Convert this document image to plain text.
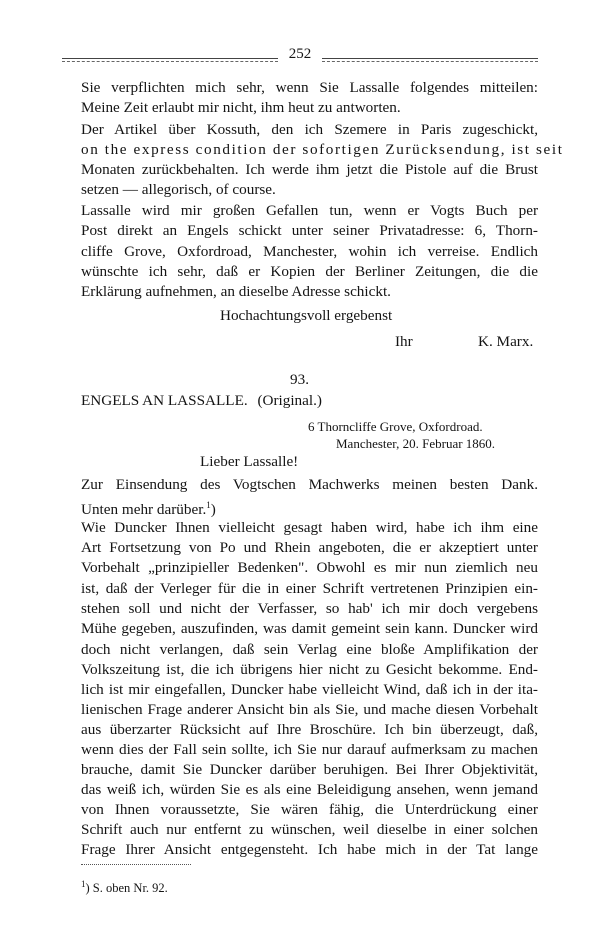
252
Sie verpflichten mich sehr, wenn Sie Lassalle folgendes mitteilen:
Meine Zeit erlaubt mir nicht, ihm heut zu antworten.
Der Artikel über Kossuth, den ich Szemere in Paris zugeschickt,
on the express condition der sofortigen Zurücksendung, ist seit
Monaten zurückbehalten. Ich werde ihm jetzt die Pistole auf die Brust
setzen — allegorisch, of course.
Lassalle wird mir großen Gefallen tun, wenn er Vogts Buch per
Post direkt an Engels schickt unter seiner Privatadresse: 6, Thorn-
cliffe Grove, Oxfordroad, Manchester, wohin ich verreise. Endlich
wünschte ich sehr, daß er Kopien der Berliner Zeitungen, die die
Erklärung aufnehmen, an dieselbe Adresse schickt.
Hochachtungsvoll ergebenst
Ihr	K. Marx.
93.
ENGELS AN LASSALLE. (Original.)
6 Thorncliffe Grove, Oxfordroad.
Manchester, 20. Februar 1860.
Lieber Lassalle!
Zur Einsendung des Vogtschen Machwerks meinen besten Dank.
Unten mehr darüber.$^1$)
Wie Duncker Ihnen vielleicht gesagt haben wird, habe ich ihm eine
Art Fortsetzung von Po und Rhein angeboten, die er akzeptiert unter
Vorbehalt „prinzipieller Bedenken". Obwohl es mir nun ziemlich neu
ist, daß der Verleger für die in einer Schrift vertretenen Prinzipien ein-
stehen soll und nicht der Verfasser, so hab' ich mir doch vergebens
Mühe gegeben, auszufinden, was damit gemeint sein kann. Duncker wird
doch nicht verlangen, daß sein Verlag eine bloße Amplifikation der
Volkszeitung ist, die ich übrigens hier nicht zu Gesicht bekomme. End-
lich ist mir eingefallen, Duncker habe vielleicht Wind, daß ich in der ita-
lienischen Frage anderer Ansicht bin als Sie, und mache diesen Vorbehalt
aus überzarter Rücksicht auf Ihre Broschüre. Ich bin überzeugt, daß,
wenn dies der Fall sein sollte, ich Sie nur darauf aufmerksam zu machen
brauche, damit Sie Duncker darüber beruhigen. Bei Ihrer Objektivität,
das weiß ich, würden Sie es als eine Beleidigung ansehen, wenn jemand
von Ihnen voraussetzte, Sie wären fähig, die Unterdrückung einer
Schrift auch nur entfernt zu wünschen, weil dieselbe in einer solchen
Frage Ihrer Ansicht entgegensteht. Ich habe mich in der Tat lange
$^1$) S. oben Nr. 92.
